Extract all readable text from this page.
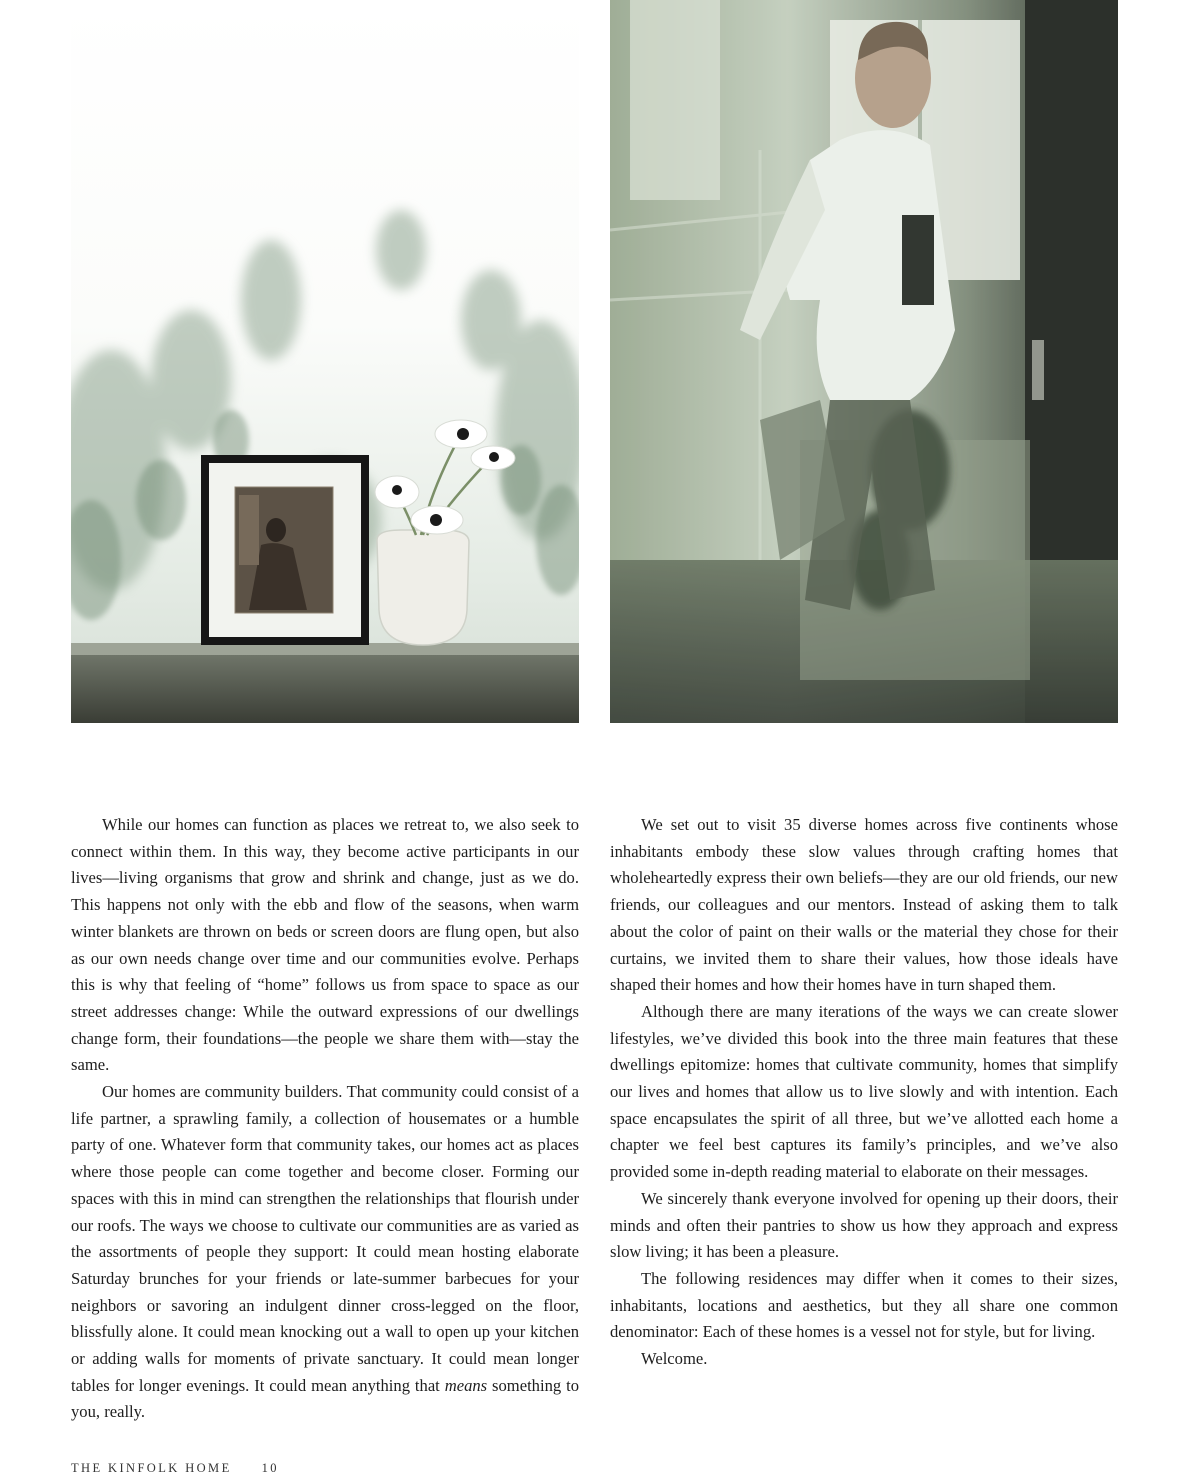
While our homes can function as places we retreat to, we also seek to connect within them. In this way, they become active participants in our lives—living organisms that grow and shrink and change, just as we do. This happens not only with the ebb and flow of the seasons, when warm winter blankets are thrown on beds or screen doors are flung open, but also as our own needs change over time and our communities evolve. Perhaps this is why that feeling of “home” follows us from space to space as our street addresses change: While the outward expressions of our dwellings change form, their foundations—the people we share them with—stay the same.

Our homes are community builders. That community could consist of a life partner, a sprawling family, a collection of housemates or a humble party of one. Whatever form that community takes, our homes act as places where those people can come together and become closer. Forming our spaces with this in mind can strengthen the relationships that flourish under our roofs. The ways we choose to cultivate our communities are as varied as the assortments of people they support: It could mean hosting elaborate Saturday brunches for your friends or late-summer barbecues for your neighbors or savoring an indulgent dinner cross-legged on the floor, blissfully alone. It could mean knocking out a wall to open up your kitchen or adding walls for moments of private sanctuary. It could mean longer tables for longer evenings. It could mean anything that means something to you, really.

We set out to visit 35 diverse homes across five continents whose inhabitants embody these slow values through crafting homes that wholeheartedly express their own beliefs—they are our old friends, our new friends, our colleagues and our mentors. Instead of asking them to talk about the color of paint on their walls or the material they chose for their curtains, we invited them to share their values, how those ideals have shaped their homes and how their homes have in turn shaped them.

Although there are many iterations of the ways we can create slower lifestyles, we’ve divided this book into the three main features that these dwellings epitomize: homes that cultivate community, homes that simplify our lives and homes that allow us to live slowly and with intention. Each space encapsulates the spirit of all three, but we’ve allotted each home a chapter we feel best captures its family’s principles, and we’ve also provided some in-depth reading material to elaborate on their messages.

We sincerely thank everyone involved for opening up their doors, their minds and often their pantries to show us how they approach and express slow living; it has been a pleasure.

The following residences may differ when it comes to their sizes, inhabitants, locations and aesthetics, but they all share one common denominator: Each of these homes is a vessel not for style, but for living.

Welcome.

THE KINFOLK HOME 10
